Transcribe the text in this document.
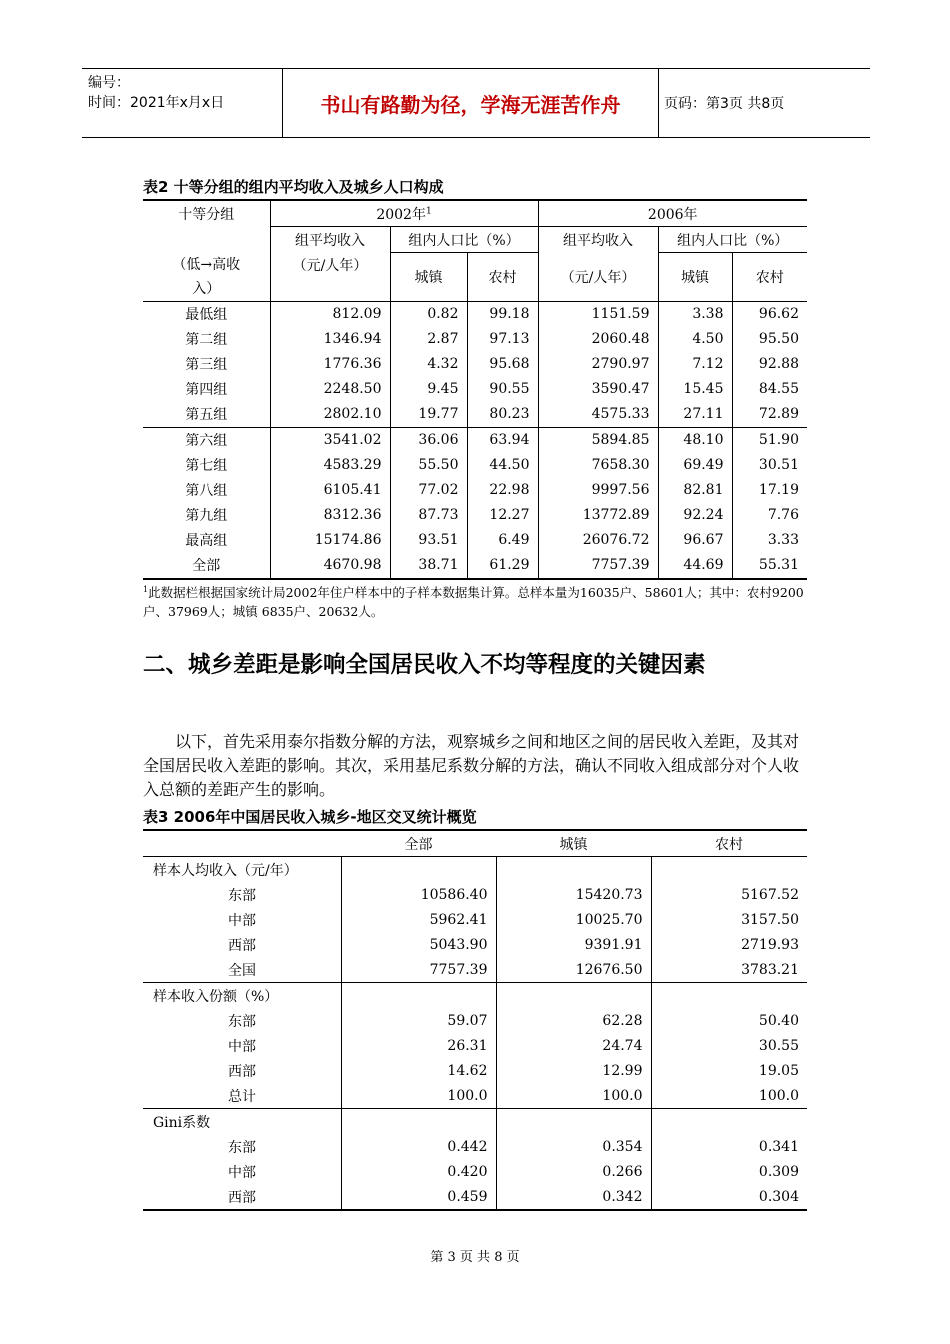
编号：
时间：2021年x月x日	书山有路勤为径，学海无涯苦作舟	页码：第3页 共8页
表2 十等分组的组内平均收入及城乡人口构成
十等分组	2002年$^1$			2006年		
	组平均收入	组内人口比（%）		组平均收入	组内人口比（%）	
（低→高收入）	（元/人年）	城镇	农村	（元/人年）	城镇	农村
最低组	812.09	0.82	99.18	1151.59	3.38	96.62
第二组	1346.94	2.87	97.13	2060.48	4.50	95.50
第三组	1776.36	4.32	95.68	2790.97	7.12	92.88
第四组	2248.50	9.45	90.55	3590.47	15.45	84.55
第五组	2802.10	19.77	80.23	4575.33	27.11	72.89
第六组	3541.02	36.06	63.94	5894.85	48.10	51.90
第七组	4583.29	55.50	44.50	7658.30	69.49	30.51
第八组	6105.41	77.02	22.98	9997.56	82.81	17.19
第九组	8312.36	87.73	12.27	13772.89	92.24	7.76
最高组	15174.86	93.51	6.49	26076.72	96.67	3.33
全部	4670.98	38.71	61.29	7757.39	44.69	55.31
$^1$此数据栏根据国家统计局2002年住户样本中的子样本数据集计算。总样本量为16035户、58601人；其中：农村9200户、37969人；城镇 6835户、20632人。
二、城乡差距是影响全国居民收入不均等程度的关键因素
以下，首先采用泰尔指数分解的方法，观察城乡之间和地区之间的居民收入差距，及其对全国居民收入差距的影响。其次，采用基尼系数分解的方法，确认不同收入组成部分对个人收入总额的差距产生的影响。
表3 2006年中国居民收入城乡-地区交叉统计概览
	全部	城镇	农村
样本人均收入（元/年）			
东部	10586.40	15420.73	5167.52
中部	5962.41	10025.70	3157.50
西部	5043.90	9391.91	2719.93
全国	7757.39	12676.50	3783.21
样本收入份额（%）			
东部	59.07	62.28	50.40
中部	26.31	24.74	30.55
西部	14.62	12.99	19.05
总计	100.0	100.0	100.0
Gini系数			
东部	0.442	0.354	0.341
中部	0.420	0.266	0.309
西部	0.459	0.342	0.304
第 3 页 共 8 页
